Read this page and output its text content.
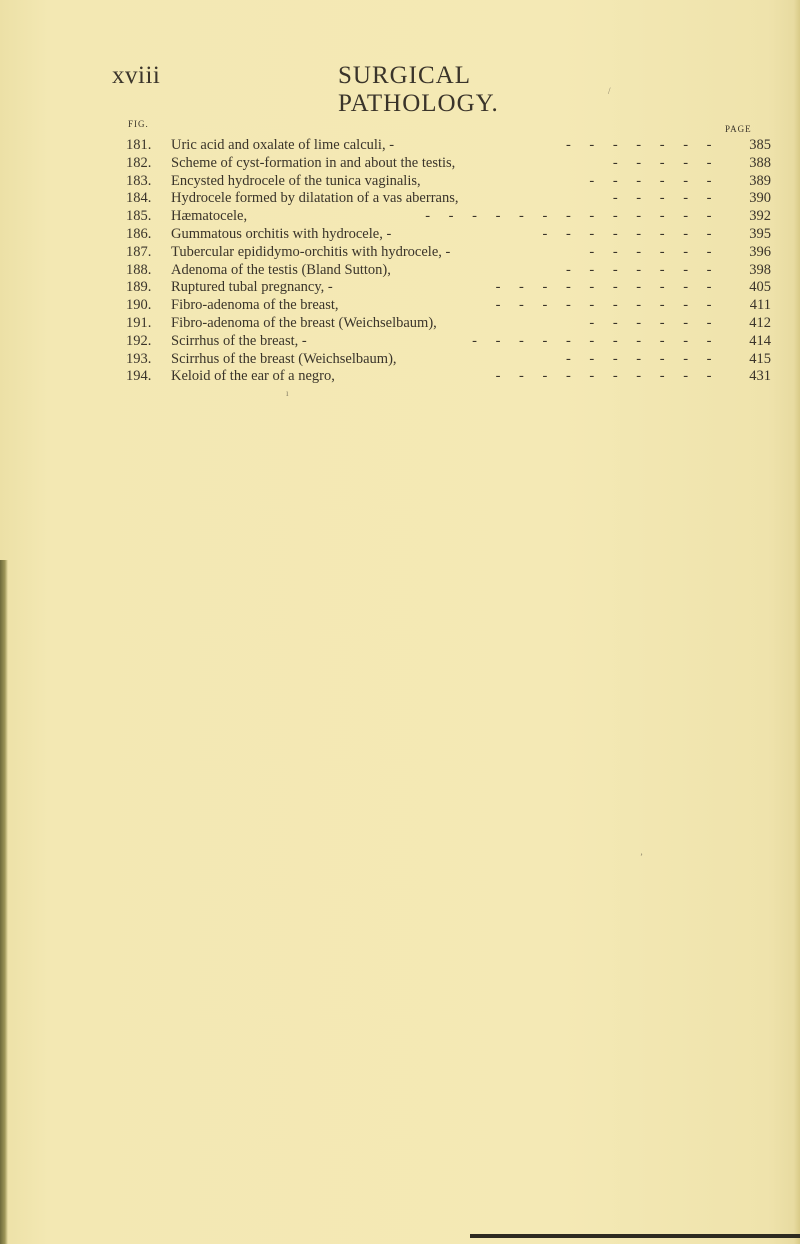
xviii	SURGICAL PATHOLOGY.
FIG.	PAGE
181. Uric acid and oxalate of lime calculi, -	- - - - - - -	385
182. Scheme of cyst-formation in and about the testis,	- - - - -	388
183. Encysted hydrocele of the tunica vaginalis,	- - - - - -	389
184. Hydrocele formed by dilatation of a vas aberrans,	- - - - -	390
185. Hæmatocele,	- - - - - - - - - - - - -	392
186. Gummatous orchitis with hydrocele, -	- - - - - - - -	395
187. Tubercular epididymo-orchitis with hydrocele, -	- - - - - -	396
188. Adenoma of the testis (Bland Sutton),	- - - - - - -	398
189. Ruptured tubal pregnancy, -	- - - - - - - - - -	405
190. Fibro-adenoma of the breast,	- - - - - - - - - -	411
191. Fibro-adenoma of the breast (Weichselbaum),	- - - - - -	412
192. Scirrhus of the breast, -	- - - - - - - - - - -	414
193. Scirrhus of the breast (Weichselbaum),	- - - - - - -	415
194. Keloid of the ear of a negro,	- - - - - - - - - -	431
/
ı
ʼ
